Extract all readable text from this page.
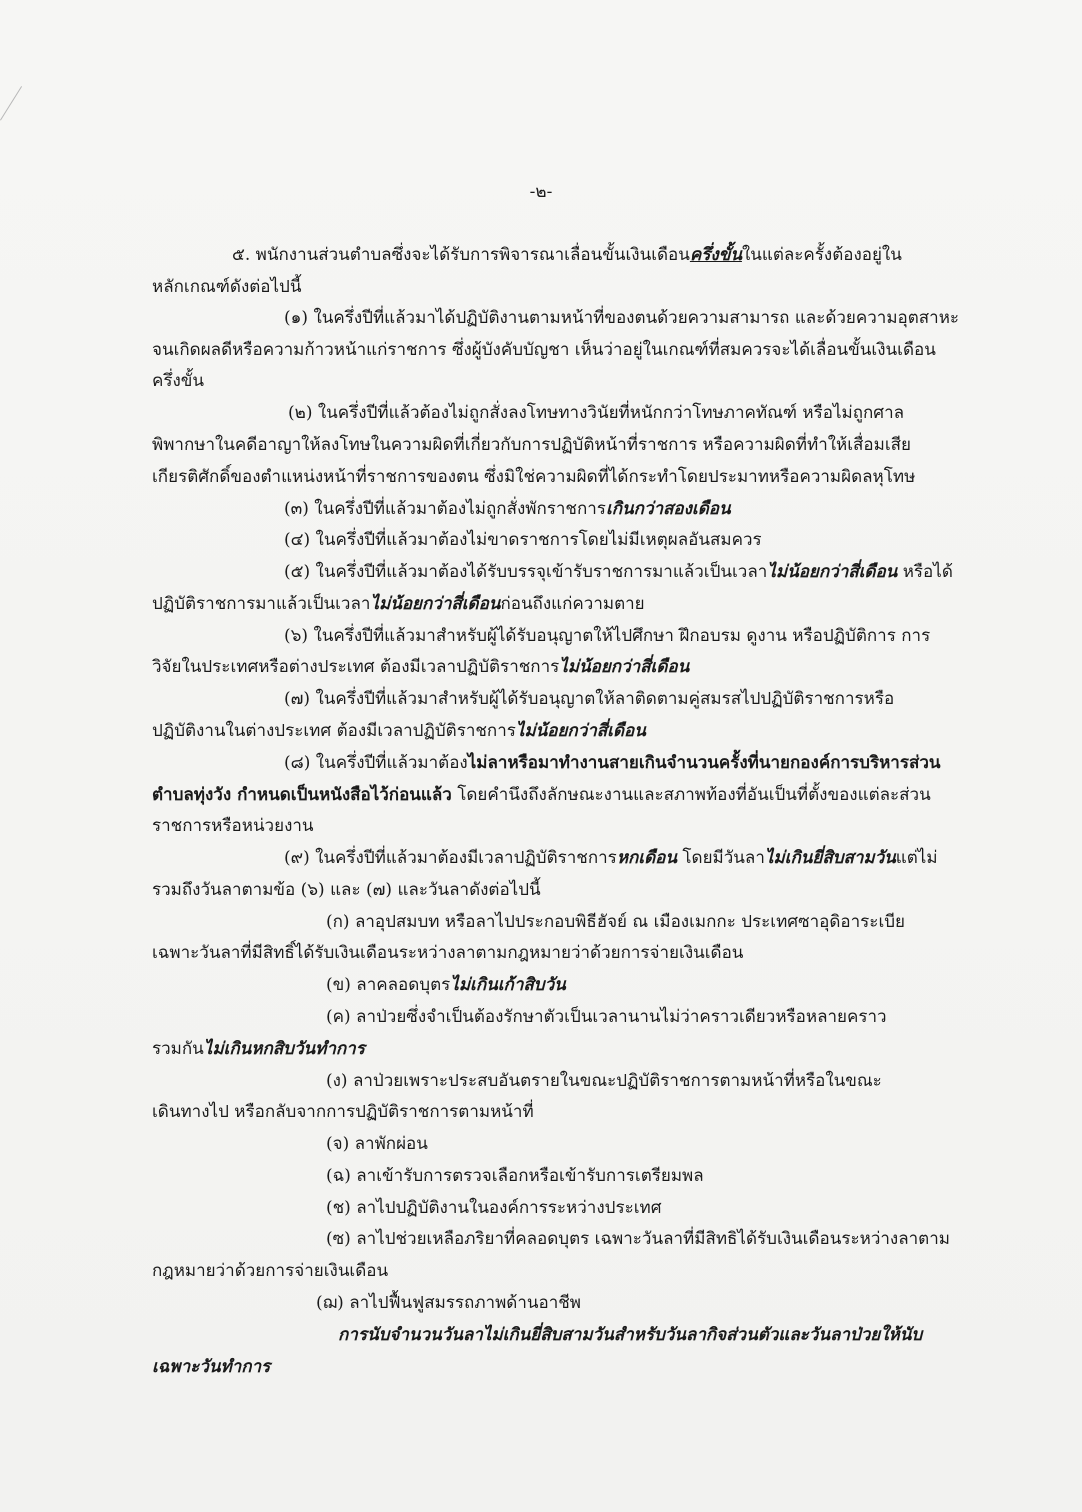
-๒-
๕. พนักงานส่วนตำบลซึ่งจะได้รับการพิจารณาเลื่อนขั้นเงินเดือนครึ่งขั้นในแต่ละครั้งต้องอยู่ใน
หลักเกณฑ์ดังต่อไปนี้
(๑) ในครึ่งปีที่แล้วมาได้ปฏิบัติงานตามหน้าที่ของตนด้วยความสามารถ และด้วยความอุตสาหะ
จนเกิดผลดีหรือความก้าวหน้าแก่ราชการ ซึ่งผู้บังคับบัญชา เห็นว่าอยู่ในเกณฑ์ที่สมควรจะได้เลื่อนขั้นเงินเดือน
ครึ่งขั้น
(๒) ในครึ่งปีที่แล้วต้องไม่ถูกสั่งลงโทษทางวินัยที่หนักกว่าโทษภาคทัณฑ์ หรือไม่ถูกศาล
พิพากษาในคดีอาญาให้ลงโทษในความผิดที่เกี่ยวกับการปฏิบัติหน้าที่ราชการ หรือความผิดที่ทำให้เสื่อมเสีย
เกียรติศักดิ์ของตำแหน่งหน้าที่ราชการของตน ซึ่งมิใช่ความผิดที่ได้กระทำโดยประมาทหรือความผิดลหุโทษ
(๓) ในครึ่งปีที่แล้วมาต้องไม่ถูกสั่งพักราชการเกินกว่าสองเดือน
(๔) ในครึ่งปีที่แล้วมาต้องไม่ขาดราชการโดยไม่มีเหตุผลอันสมควร
(๕) ในครึ่งปีที่แล้วมาต้องได้รับบรรจุเข้ารับราชการมาแล้วเป็นเวลาไม่น้อยกว่าสี่เดือน หรือได้
ปฏิบัติราชการมาแล้วเป็นเวลาไม่น้อยกว่าสี่เดือนก่อนถึงแก่ความตาย
(๖) ในครึ่งปีที่แล้วมาสำหรับผู้ได้รับอนุญาตให้ไปศึกษา ฝึกอบรม ดูงาน หรือปฏิบัติการ การ
วิจัยในประเทศหรือต่างประเทศ ต้องมีเวลาปฏิบัติราชการไม่น้อยกว่าสี่เดือน
(๗) ในครึ่งปีที่แล้วมาสำหรับผู้ได้รับอนุญาตให้ลาติดตามคู่สมรสไปปฏิบัติราชการหรือ
ปฏิบัติงานในต่างประเทศ ต้องมีเวลาปฏิบัติราชการไม่น้อยกว่าสี่เดือน
(๘) ในครึ่งปีที่แล้วมาต้องไม่ลาหรือมาทำงานสายเกินจำนวนครั้งที่นายกองค์การบริหารส่วน
ตำบลทุ่งวัง กำหนดเป็นหนังสือไว้ก่อนแล้ว โดยคำนึงถึงลักษณะงานและสภาพท้องที่อันเป็นที่ตั้งของแต่ละส่วน
ราชการหรือหน่วยงาน
(๙) ในครึ่งปีที่แล้วมาต้องมีเวลาปฏิบัติราชการหกเดือน โดยมีวันลาไม่เกินยี่สิบสามวันแต่ไม่
รวมถึงวันลาตามข้อ (๖) และ (๗) และวันลาดังต่อไปนี้
(ก) ลาอุปสมบท หรือลาไปประกอบพิธีฮัจย์ ณ เมืองเมกกะ ประเทศซาอุดิอาระเบีย
เฉพาะวันลาที่มีสิทธิ์ได้รับเงินเดือนระหว่างลาตามกฎหมายว่าด้วยการจ่ายเงินเดือน
(ข) ลาคลอดบุตรไม่เกินเก้าสิบวัน
(ค) ลาป่วยซึ่งจำเป็นต้องรักษาตัวเป็นเวลานานไม่ว่าคราวเดียวหรือหลายคราว
รวมกันไม่เกินหกสิบวันทำการ
(ง) ลาป่วยเพราะประสบอันตรายในขณะปฏิบัติราชการตามหน้าที่หรือในขณะ
เดินทางไป หรือกลับจากการปฏิบัติราชการตามหน้าที่
(จ) ลาพักผ่อน
(ฉ) ลาเข้ารับการตรวจเลือกหรือเข้ารับการเตรียมพล
(ช) ลาไปปฏิบัติงานในองค์การระหว่างประเทศ
(ซ) ลาไปช่วยเหลือภริยาที่คลอดบุตร เฉพาะวันลาที่มีสิทธิได้รับเงินเดือนระหว่างลาตาม
กฎหมายว่าด้วยการจ่ายเงินเดือน
(ฌ) ลาไปฟื้นฟูสมรรถภาพด้านอาชีพ
การนับจำนวนวันลาไม่เกินยี่สิบสามวันสำหรับวันลากิจส่วนตัวและวันลาป่วยให้นับ
เฉพาะวันทำการ
